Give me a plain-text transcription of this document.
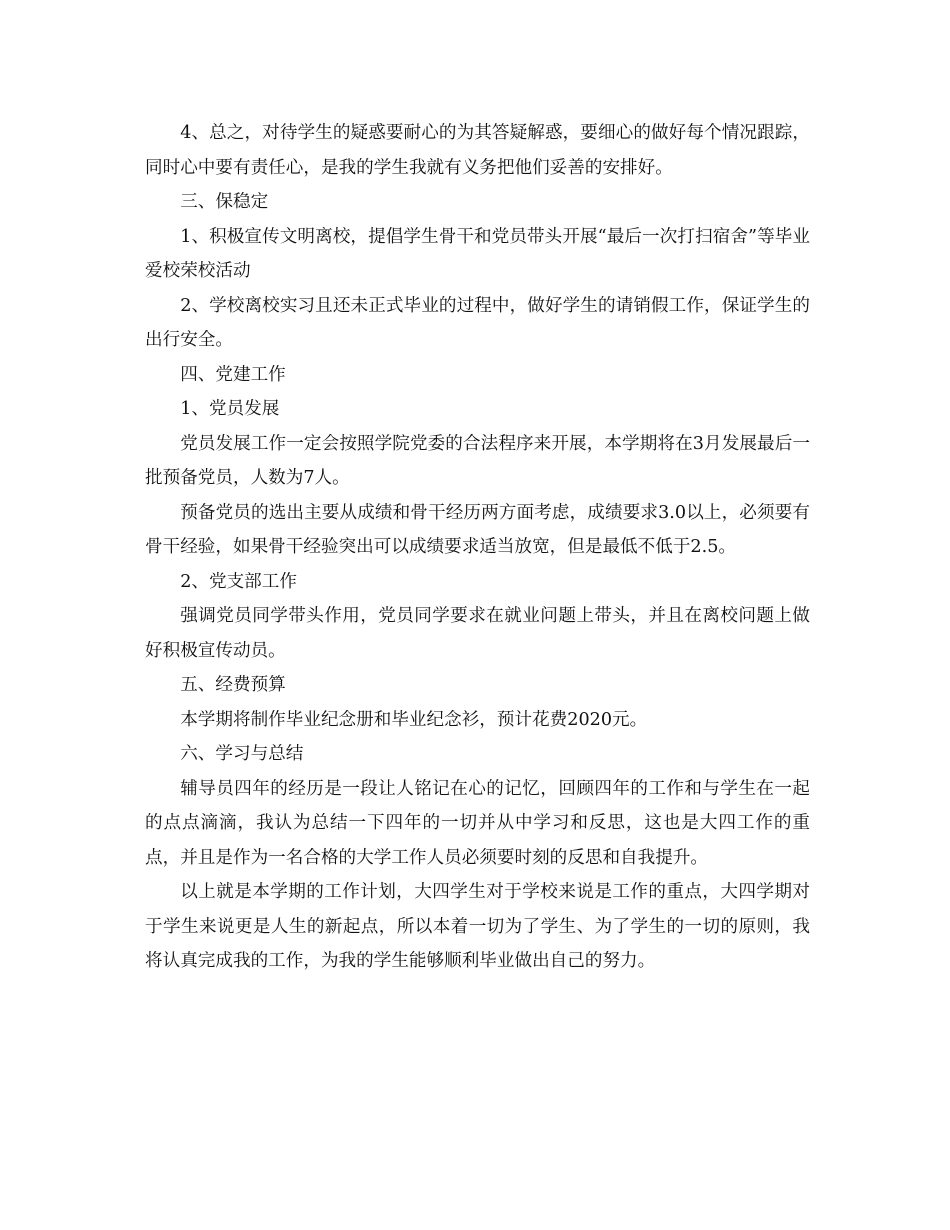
4、总之，对待学生的疑惑要耐心的为其答疑解惑，要细心的做好每个情况跟踪，同时心中要有责任心，是我的学生我就有义务把他们妥善的安排好。

三、保稳定

1、积极宣传文明离校，提倡学生骨干和党员带头开展“最后一次打扫宿舍”等毕业爱校荣校活动

2、学校离校实习且还未正式毕业的过程中，做好学生的请销假工作，保证学生的出行安全。

四、党建工作

1、党员发展

党员发展工作一定会按照学院党委的合法程序来开展，本学期将在3月发展最后一批预备党员，人数为7人。

预备党员的选出主要从成绩和骨干经历两方面考虑，成绩要求3.0以上，必须要有骨干经验，如果骨干经验突出可以成绩要求适当放宽，但是最低不低于2.5。

2、党支部工作

强调党员同学带头作用，党员同学要求在就业问题上带头，并且在离校问题上做好积极宣传动员。

五、经费预算

本学期将制作毕业纪念册和毕业纪念衫，预计花费2020元。

六、学习与总结

辅导员四年的经历是一段让人铭记在心的记忆，回顾四年的工作和与学生在一起的点点滴滴，我认为总结一下四年的一切并从中学习和反思，这也是大四工作的重点，并且是作为一名合格的大学工作人员必须要时刻的反思和自我提升。

以上就是本学期的工作计划，大四学生对于学校来说是工作的重点，大四学期对于学生来说更是人生的新起点，所以本着一切为了学生、为了学生的一切的原则，我将认真完成我的工作，为我的学生能够顺利毕业做出自己的努力。
